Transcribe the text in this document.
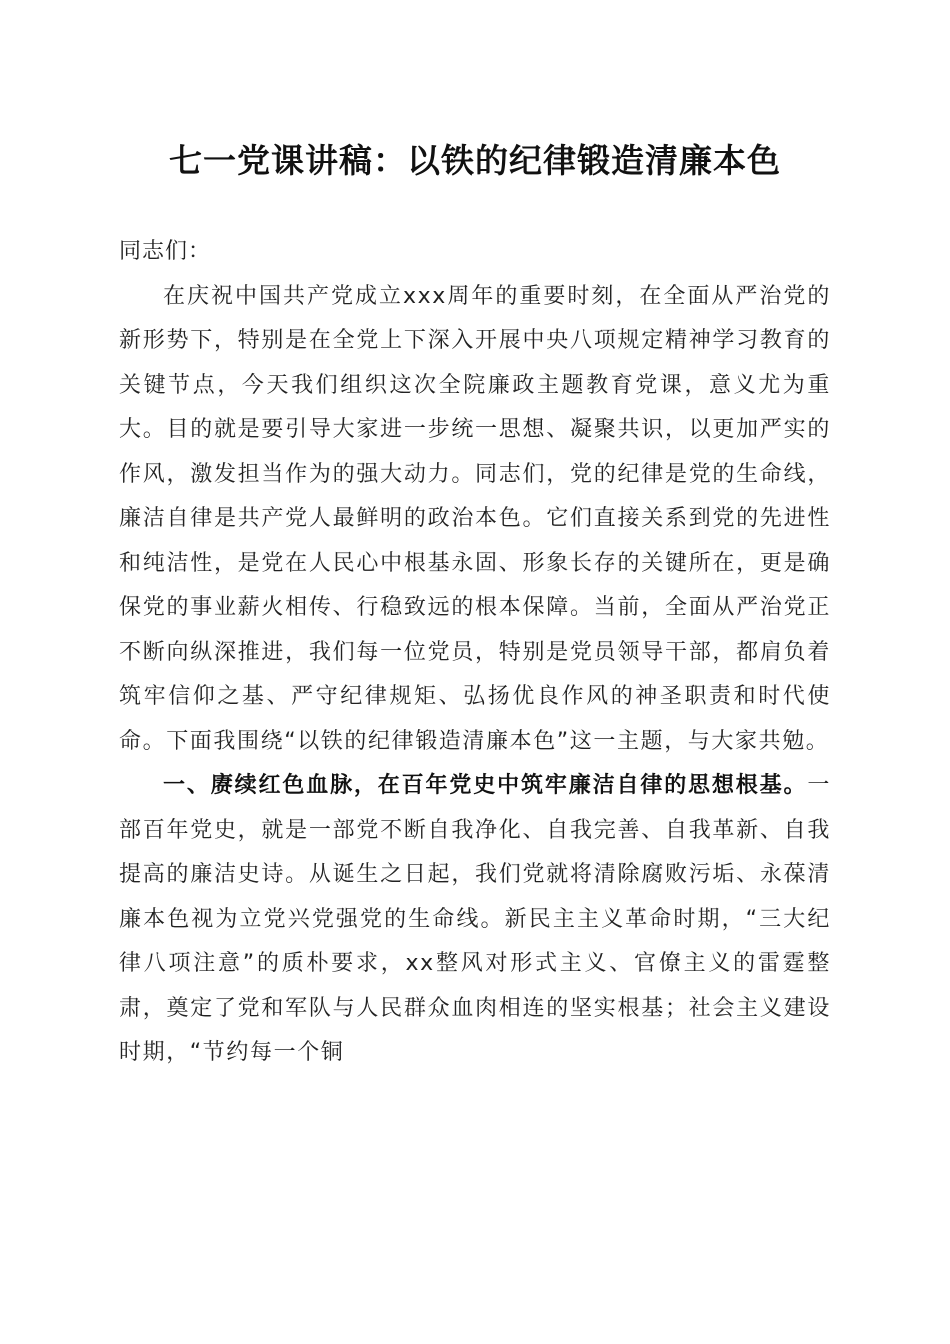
七一党课讲稿：以铁的纪律锻造清廉本色

同志们：

在庆祝中国共产党成立xxx周年的重要时刻，在全面从严治党的新形势下，特别是在全党上下深入开展中央八项规定精神学习教育的关键节点，今天我们组织这次全院廉政主题教育党课，意义尤为重大。目的就是要引导大家进一步统一思想、凝聚共识，以更加严实的作风，激发担当作为的强大动力。同志们，党的纪律是党的生命线，廉洁自律是共产党人最鲜明的政治本色。它们直接关系到党的先进性和纯洁性，是党在人民心中根基永固、形象长存的关键所在，更是确保党的事业薪火相传、行稳致远的根本保障。当前，全面从严治党正不断向纵深推进，我们每一位党员，特别是党员领导干部，都肩负着筑牢信仰之基、严守纪律规矩、弘扬优良作风的神圣职责和时代使命。下面我围绕“以铁的纪律锻造清廉本色”这一主题，与大家共勉。

一、赓续红色血脉，在百年党史中筑牢廉洁自律的思想根基。一部百年党史，就是一部党不断自我净化、自我完善、自我革新、自我提高的廉洁史诗。从诞生之日起，我们党就将清除腐败污垢、永葆清廉本色视为立党兴党强党的生命线。新民主主义革命时期，“三大纪律八项注意”的质朴要求，xx整风对形式主义、官僚主义的雷霆整肃，奠定了党和军队与人民群众血肉相连的坚实根基；社会主义建设时期，“节约每一个铜
